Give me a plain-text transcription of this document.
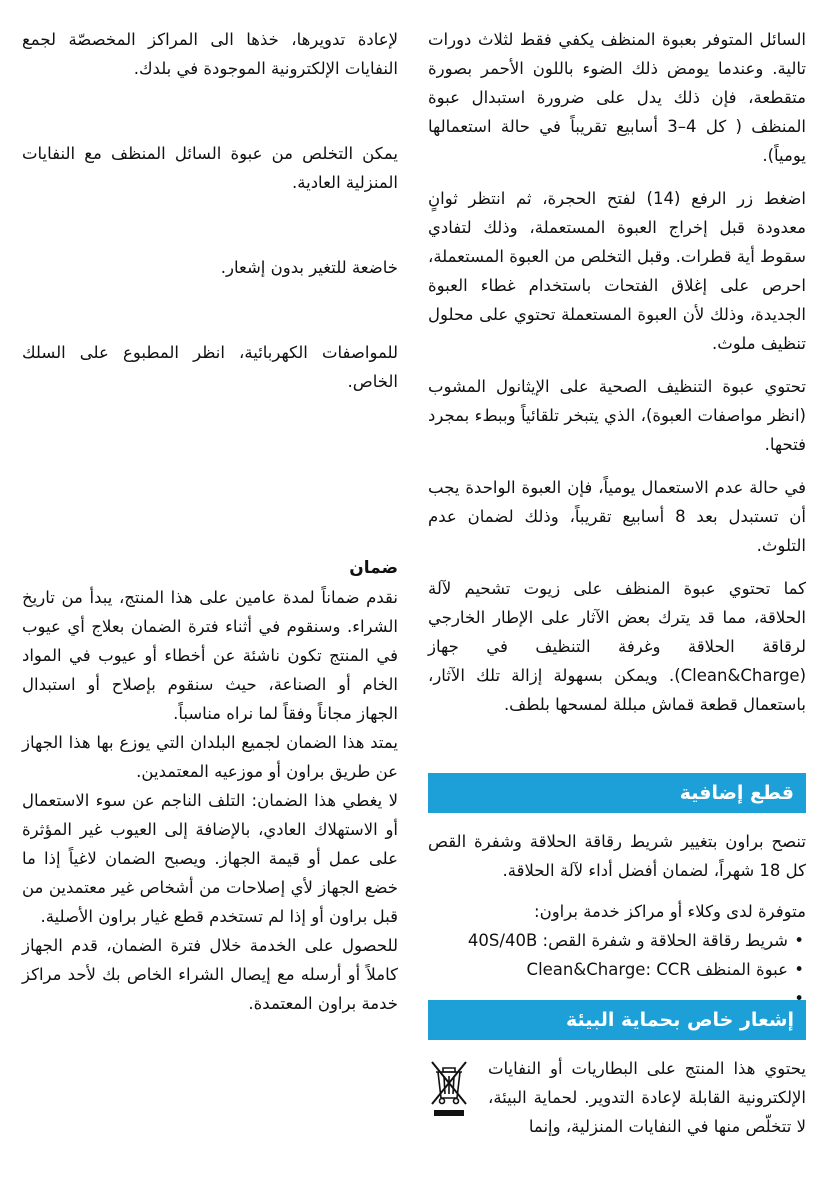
السائل المتوفر بعبوة المنظف يكفي فقط لثلاث دورات تالية. وعندما يومض ذلك الضوء باللون الأحمر بصورة متقطعة، فإن ذلك يدل على ضرورة استبدال عبوة المنظف ( كل 4–3 أسابيع تقريباً في حالة استعمالها يومياً).

اضغط زر الرفع (14) لفتح الحجرة، ثم انتظر ثوانٍ معدودة قبل إخراج العبوة المستعملة، وذلك لتفادي سقوط أية قطرات. وقبل التخلص من العبوة المستعملة، احرص على إغلاق الفتحات باستخدام غطاء العبوة الجديدة، وذلك لأن العبوة المستعملة تحتوي على محلول تنظيف ملوث.

تحتوي عبوة التنظيف الصحية على الإيثانول المشوب (انظر مواصفات العبوة)، الذي يتبخر تلقائياً وببطء بمجرد فتحها.

في حالة عدم الاستعمال يومياً، فإن العبوة الواحدة يجب أن تستبدل بعد 8 أسابيع تقريباً، وذلك لضمان عدم التلوث.

كما تحتوي عبوة المنظف على زيوت تشحيم لآلة الحلاقة، مما قد يترك بعض الآثار على الإطار الخارجي لرقاقة الحلاقة وغرفة التنظيف في جهاز (Clean&Charge). ويمكن بسهولة إزالة تلك الآثار، باستعمال قطعة قماش مبللة لمسحها بلطف.

قطع إضافية

تنصح براون بتغيير شريط رقاقة الحلاقة وشفرة القص كل 18 شهراً، لضمان أفضل أداء لآلة الحلاقة.

متوفرة لدى وكلاء أو مراكز خدمة براون:

• شريط رقاقة الحلاقة و شفرة القص: 40S/40B
• عبوة المنظف Clean&Charge: CCR
إشعار خاص بحماية البيئة

يحتوي هذا المنتج على البطاريات أو النفايات الإلكترونية القابلة لإعادة التدوير. لحماية البيئة، لا تتخلّص منها في النفايات المنزلية، وإنما

لإعادة تدويرها، خذها الى المراكز المخصصّة لجمع النفايات الإلكترونية الموجودة في بلدك.

يمكن التخلص من عبوة السائل المنظف مع النفايات المنزلية العادية.

خاضعة للتغير بدون إشعار.

للمواصفات الكهربائية، انظر المطبوع على السلك الخاص.

ضمان

نقدم ضماناً لمدة عامين على هذا المنتج، يبدأ من تاريخ الشراء. وسنقوم في أثناء فترة الضمان بعلاج أي عيوب في المنتج تكون ناشئة عن أخطاء أو عيوب في المواد الخام أو الصناعة، حيث سنقوم بإصلاح أو استبدال الجهاز مجاناً وفقاً لما نراه مناسباً.

يمتد هذا الضمان لجميع البلدان التي يوزع بها هذا الجهاز عن طريق براون أو موزعيه المعتمدين.

لا يغطي هذا الضمان: التلف الناجم عن سوء الاستعمال أو الاستهلاك العادي، بالإضافة إلى العيوب غير المؤثرة على عمل أو قيمة الجهاز. ويصبح الضمان لاغياً إذا ما خضع الجهاز لأي إصلاحات من أشخاص غير معتمدين من قبل براون أو إذا لم تستخدم قطع غيار براون الأصلية.

للحصول على الخدمة خلال فترة الضمان، قدم الجهاز كاملاً أو أرسله مع إيصال الشراء الخاص بك لأحد مراكز خدمة براون المعتمدة.
